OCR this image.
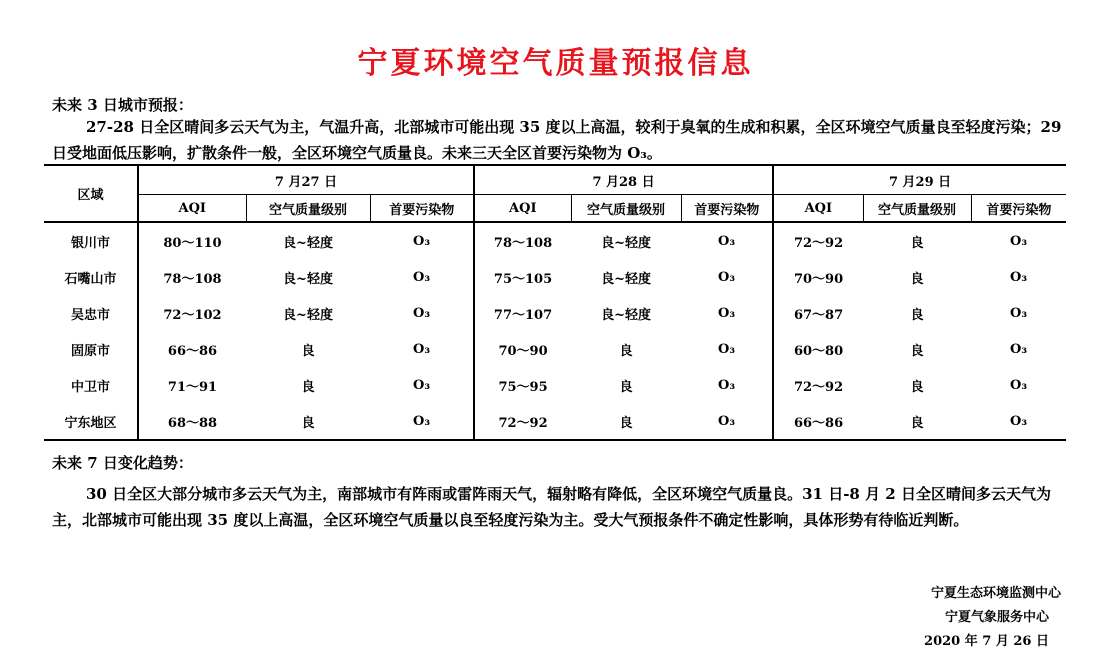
宁夏环境空气质量预报信息
未来 3 日城市预报：
27-28 日全区晴间多云天气为主，气温升高，北部城市可能出现 35 度以上高温，较利于臭氧的生成和积累，全区环境空气质量良至轻度污染；29 日受地面低压影响，扩散条件一般，全区环境空气质量良。未来三天全区首要污染物为 O₃。
区域	7 月27 日			7 月28 日			7 月29 日		
	AQI	空气质量级别	首要污染物	AQI	空气质量级别	首要污染物	AQI	空气质量级别	首要污染物
银川市	80～110	良~轻度	O₃	78～108	良~轻度	O₃	72～92	良	O₃
石嘴山市	78～108	良~轻度	O₃	75～105	良~轻度	O₃	70～90	良	O₃
吴忠市	72～102	良~轻度	O₃	77～107	良~轻度	O₃	67～87	良	O₃
固原市	66～86	良	O₃	70～90	良	O₃	60～80	良	O₃
中卫市	71～91	良	O₃	75～95	良	O₃	72～92	良	O₃
宁东地区	68～88	良	O₃	72～92	良	O₃	66～86	良	O₃
未来 7 日变化趋势：
30 日全区大部分城市多云天气为主，南部城市有阵雨或雷阵雨天气，辐射略有降低，全区环境空气质量良。31 日-8 月 2 日全区晴间多云天气为主，北部城市可能出现 35 度以上高温，全区环境空气质量以良至轻度污染为主。受大气预报条件不确定性影响，具体形势有待临近判断。
宁夏生态环境监测中心
宁夏气象服务中心
2020 年 7 月 26 日
